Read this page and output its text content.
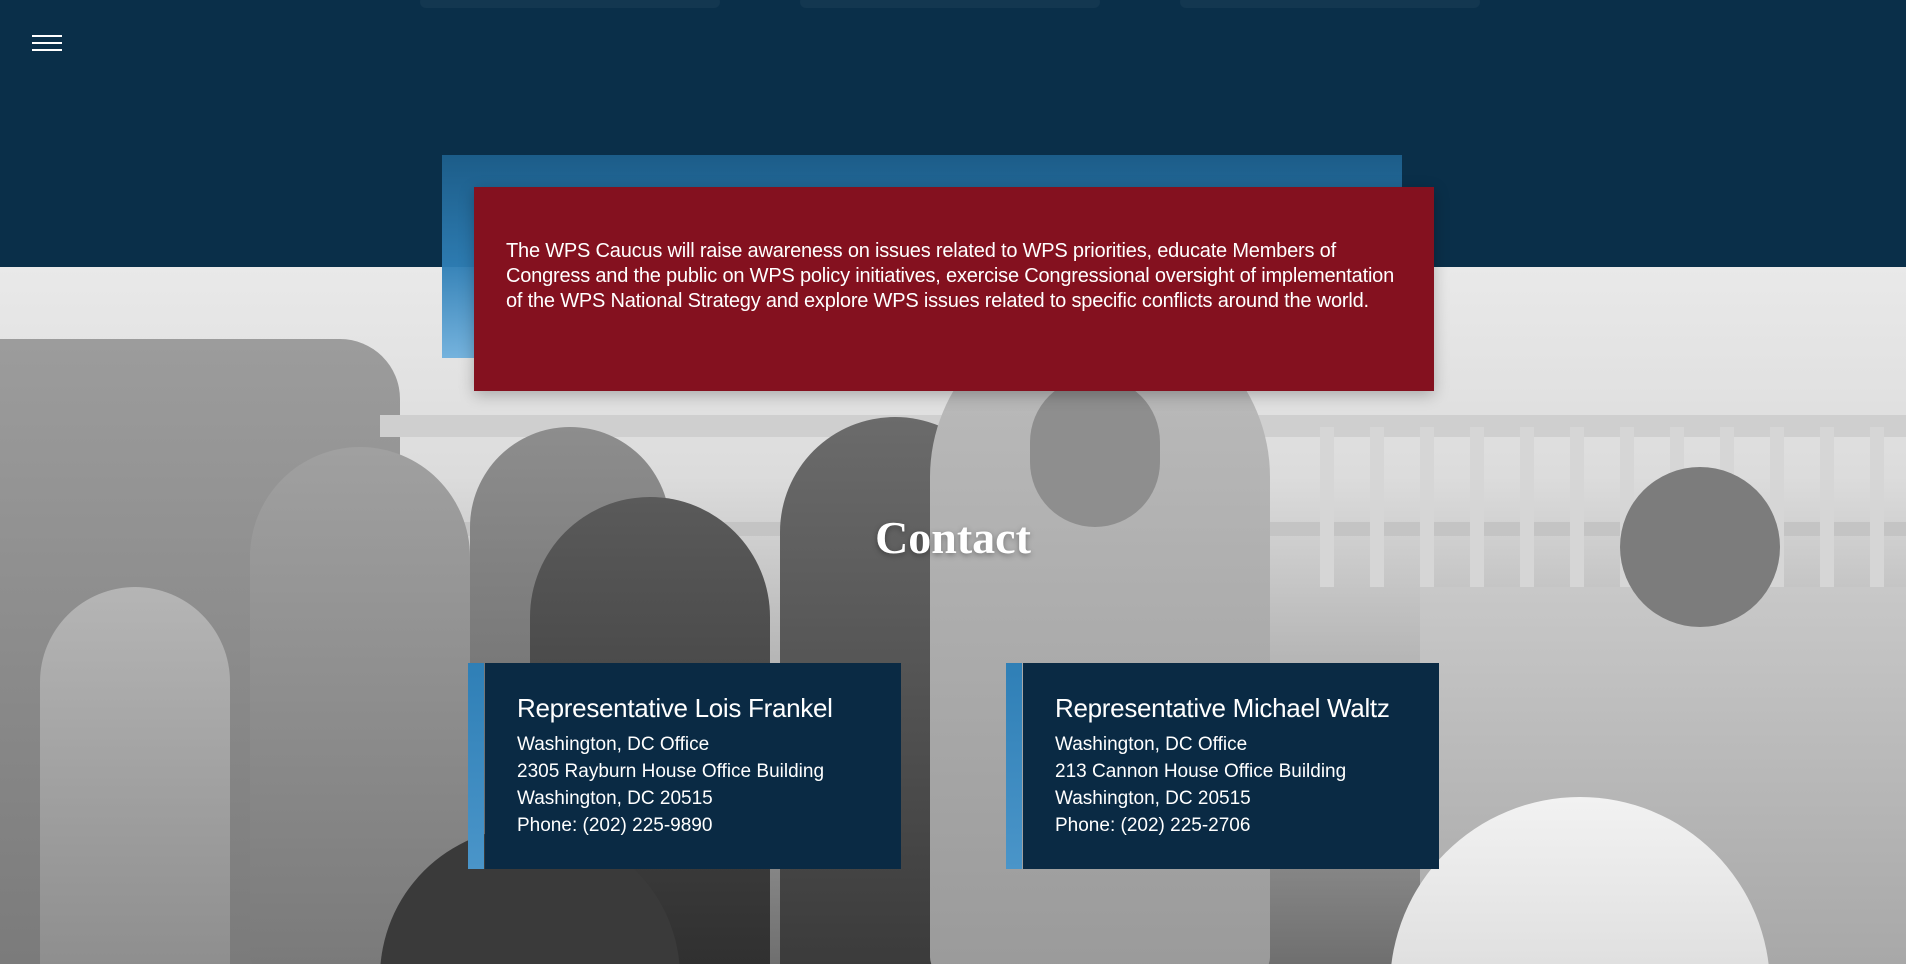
The WPS Caucus will raise awareness on issues related to WPS priorities, educate Members of Congress and the public on WPS policy initiatives, exercise Congressional oversight of implementation of the WPS National Strategy and explore WPS issues related to specific conflicts around the world.

Contact
Representative Lois Frankel

Washington, DC Office

2305 Rayburn House Office Building

Washington, DC 20515

Phone: (202) 225-9890

Representative Michael Waltz

Washington, DC Office

213 Cannon House Office Building

Washington, DC 20515

Phone: (202) 225-2706
